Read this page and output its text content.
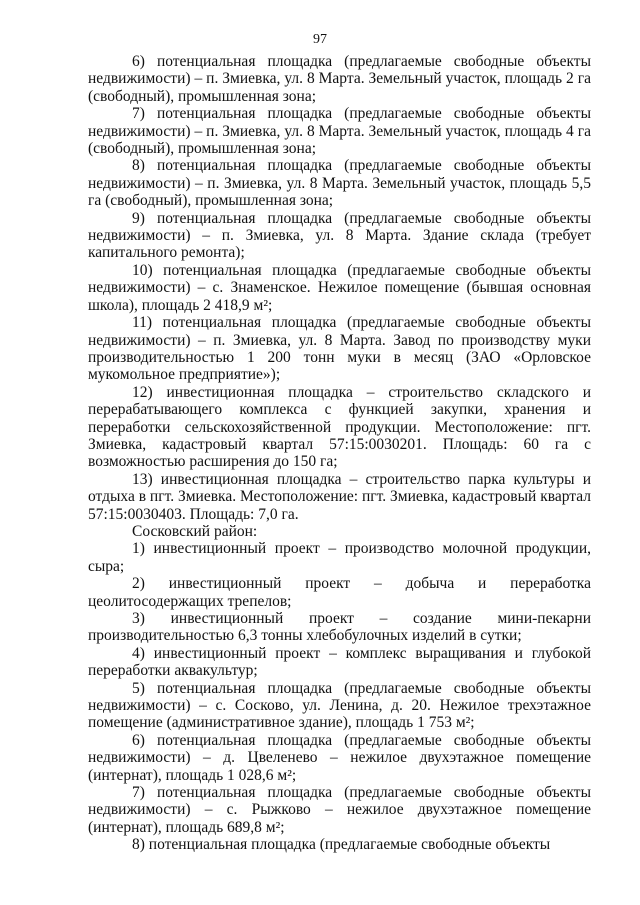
97

6) потенциальная площадка (предлагаемые свободные объекты недвижимости) – п. Змиевка, ул. 8 Марта. Земельный участок, площадь 2 га (свободный), промышленная зона;

7) потенциальная площадка (предлагаемые свободные объекты недвижимости) – п. Змиевка, ул. 8 Марта. Земельный участок, площадь 4 га (свободный), промышленная зона;

8) потенциальная площадка (предлагаемые свободные объекты недвижимости) – п. Змиевка, ул. 8 Марта. Земельный участок, площадь 5,5 га (свободный), промышленная зона;

9) потенциальная площадка (предлагаемые свободные объекты недвижимости) – п. Змиевка, ул. 8 Марта. Здание склада (требует капитального ремонта);

10) потенциальная площадка (предлагаемые свободные объекты недвижимости) – с. Знаменское. Нежилое помещение (бывшая основная школа), площадь 2 418,9 м²;

11) потенциальная площадка (предлагаемые свободные объекты недвижимости) – п. Змиевка, ул. 8 Марта. Завод по производству муки производительностью 1 200 тонн муки в месяц (ЗАО «Орловское мукомольное предприятие»);

12) инвестиционная площадка – строительство складского и перерабатывающего комплекса с функцией закупки, хранения и переработки сельскохозяйственной продукции. Местоположение: пгт. Змиевка, кадастровый квартал 57:15:0030201. Площадь: 60 га с возможностью расширения до 150 га;

13) инвестиционная площадка – строительство парка культуры и отдыха в пгт. Змиевка. Местоположение: пгт. Змиевка, кадастровый квартал 57:15:0030403. Площадь: 7,0 га.

Сосковский район:

1) инвестиционный проект – производство молочной продукции, сыра;

2) инвестиционный проект – добыча и переработка цеолитосодержащих трепелов;

3) инвестиционный проект – создание мини-пекарни производительностью 6,3 тонны хлебобулочных изделий в сутки;

4) инвестиционный проект – комплекс выращивания и глубокой переработки аквакультур;

5) потенциальная площадка (предлагаемые свободные объекты недвижимости) – с. Сосково, ул. Ленина, д. 20. Нежилое трехэтажное помещение (административное здание), площадь 1 753 м²;

6) потенциальная площадка (предлагаемые свободные объекты недвижимости) – д. Цвеленево – нежилое двухэтажное помещение (интернат), площадь 1 028,6 м²;

7) потенциальная площадка (предлагаемые свободные объекты недвижимости) – с. Рыжково – нежилое двухэтажное помещение (интернат), площадь 689,8 м²;

8) потенциальная площадка (предлагаемые свободные объекты
